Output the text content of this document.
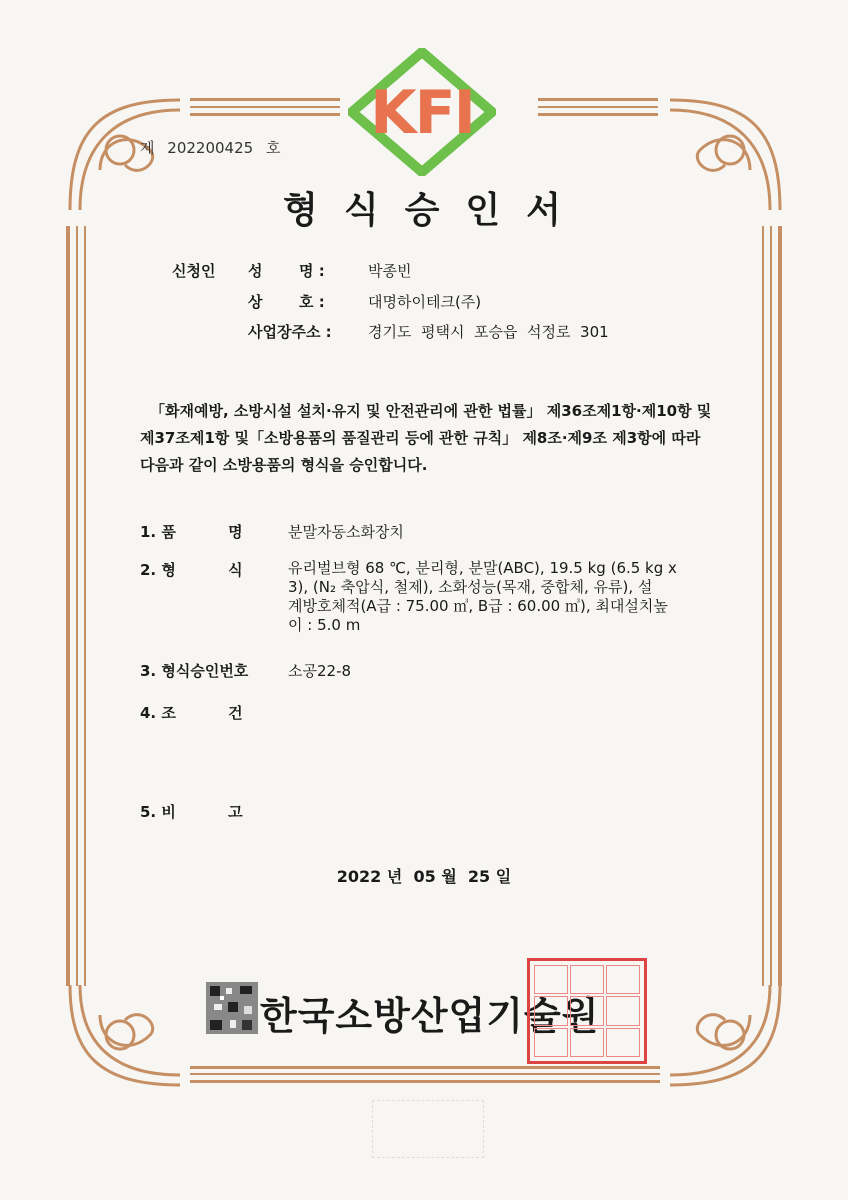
KFI
제 202200425 호
형식승인서
신청인 성       명 :	박종빈
상       호 :	대명하이테크(주)
사업장주소 : 경기도  평택시  포승읍  석정로  301
「화재예방, 소방시설 설치·유지 및 안전관리에 관한 법률」 제36조제1항·제10항 및
제37조제1항 및「소방용품의 품질관리 등에 관한 규칙」 제8조·제9조 제3항에 따라
다음과 같이 소방용품의 형식을 승인합니다.
1. 품          명	분말자동소화장치
2. 형          식	유리벌브형 68 ℃, 분리형, 분말(ABC), 19.5 kg (6.5 kg x
3), (N₂ 축압식, 철제), 소화성능(목재, 중합체, 유류), 설
계방호체적(A급 : 75.00 ㎥, B급 : 60.00 ㎥), 최대설치높
이 : 5.0 m
3. 형식승인번호	소공22-8
4. 조          건
5. 비          고
2022 년  05 월  25 일
한국소방산업기술원
